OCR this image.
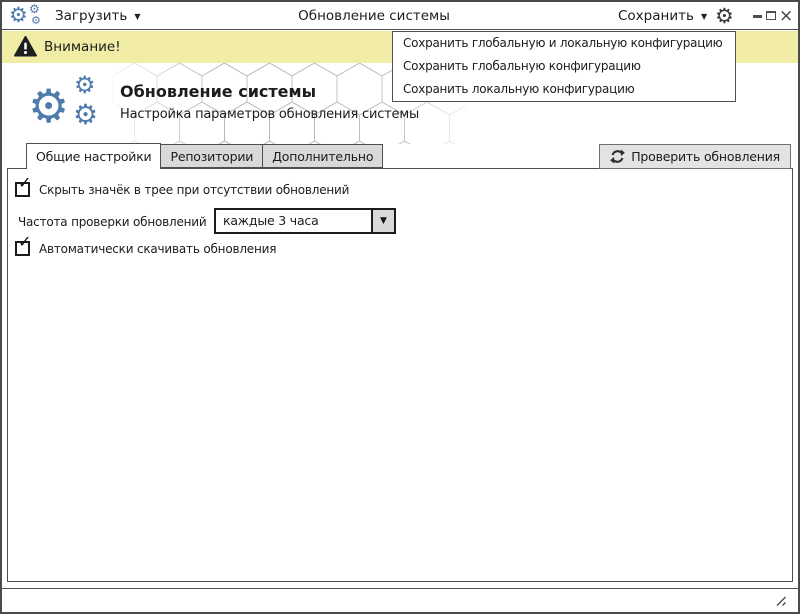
⚙ ⚙
⚙ Загрузить ▼	Обновление системы	Сохранить ▼ ⚙	×
Внимание!
⚙ ⚙
⚙
Обновление системы
Настройка параметров обновления системы
Общие настройки	Репозитории	Дополнительно	Проверить обновления
✓ Скрыть значёк в трее при отсутствии обновлений
Частота проверки обновлений	каждые 3 часа	▼
✓ Автоматически скачивать обновления
Сохранить глобальную и локальную конфигурацию
Сохранить глобальную конфигурацию
Сохранить локальную конфигурацию
